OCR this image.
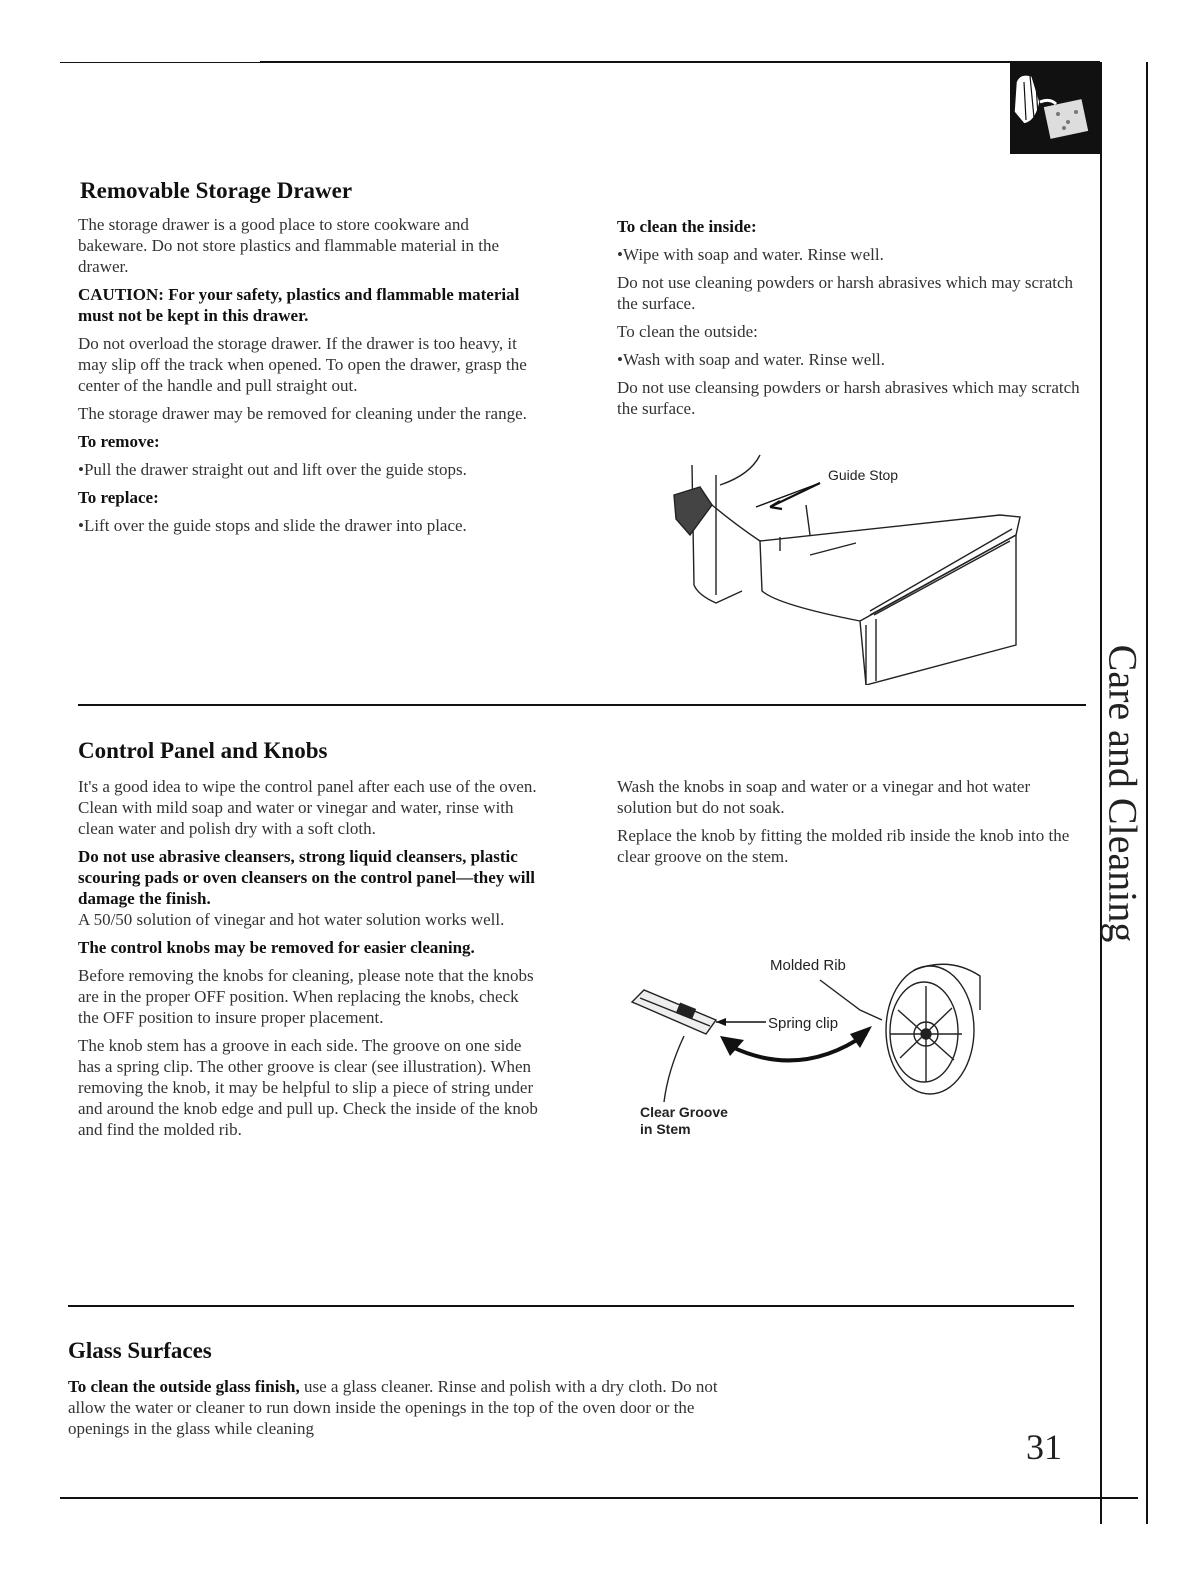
Care and Cleaning
Removable Storage Drawer

The storage drawer is a good place to store cookware and bakeware. Do not store plastics and flammable material in the drawer.

CAUTION: For your safety, plastics and flammable material must not be kept in this drawer.

Do not overload the storage drawer. If the drawer is too heavy, it may slip off the track when opened. To open the drawer, grasp the center of the handle and pull straight out.

The storage drawer may be removed for cleaning under the range.

To remove:

•Pull the drawer straight out and lift over the guide stops.

To replace:

•Lift over the guide stops and slide the drawer into place.

To clean the inside:

•Wipe with soap and water. Rinse well.

Do not use cleaning powders or harsh abrasives which may scratch the surface.

To clean the outside:

•Wash with soap and water. Rinse well.

Do not use cleansing powders or harsh abrasives which may scratch the surface.

Guide Stop
Control Panel and Knobs

It's a good idea to wipe the control panel after each use of the oven. Clean with mild soap and water or vinegar and water, rinse with clean water and polish dry with a soft cloth.

Do not use abrasive cleansers, strong liquid cleansers, plastic scouring pads or oven cleansers on the control panel—they will damage the finish.

A 50/50 solution of vinegar and hot water solution works well.

The control knobs may be removed for easier cleaning.

Before removing the knobs for cleaning, please note that the knobs are in the proper OFF position. When replacing the knobs, check the OFF position to insure proper placement.

The knob stem has a groove in each side. The groove on one side has a spring clip. The other groove is clear (see illustration). When removing the knob, it may be helpful to slip a piece of string under and around the knob edge and pull up. Check the inside of the knob and find the molded rib.

Wash the knobs in soap and water or a vinegar and hot water solution but do not soak.

Replace the knob by fitting the molded rib inside the knob into the clear groove on the stem.

Molded Rib
Spring clip
Clear Groove
in Stem
Glass Surfaces
To clean the outside glass finish, use a glass cleaner. Rinse and polish with a dry cloth. Do not allow the water or cleaner to run down inside the openings in the top of the oven door or the openings in the glass while cleaning	31
